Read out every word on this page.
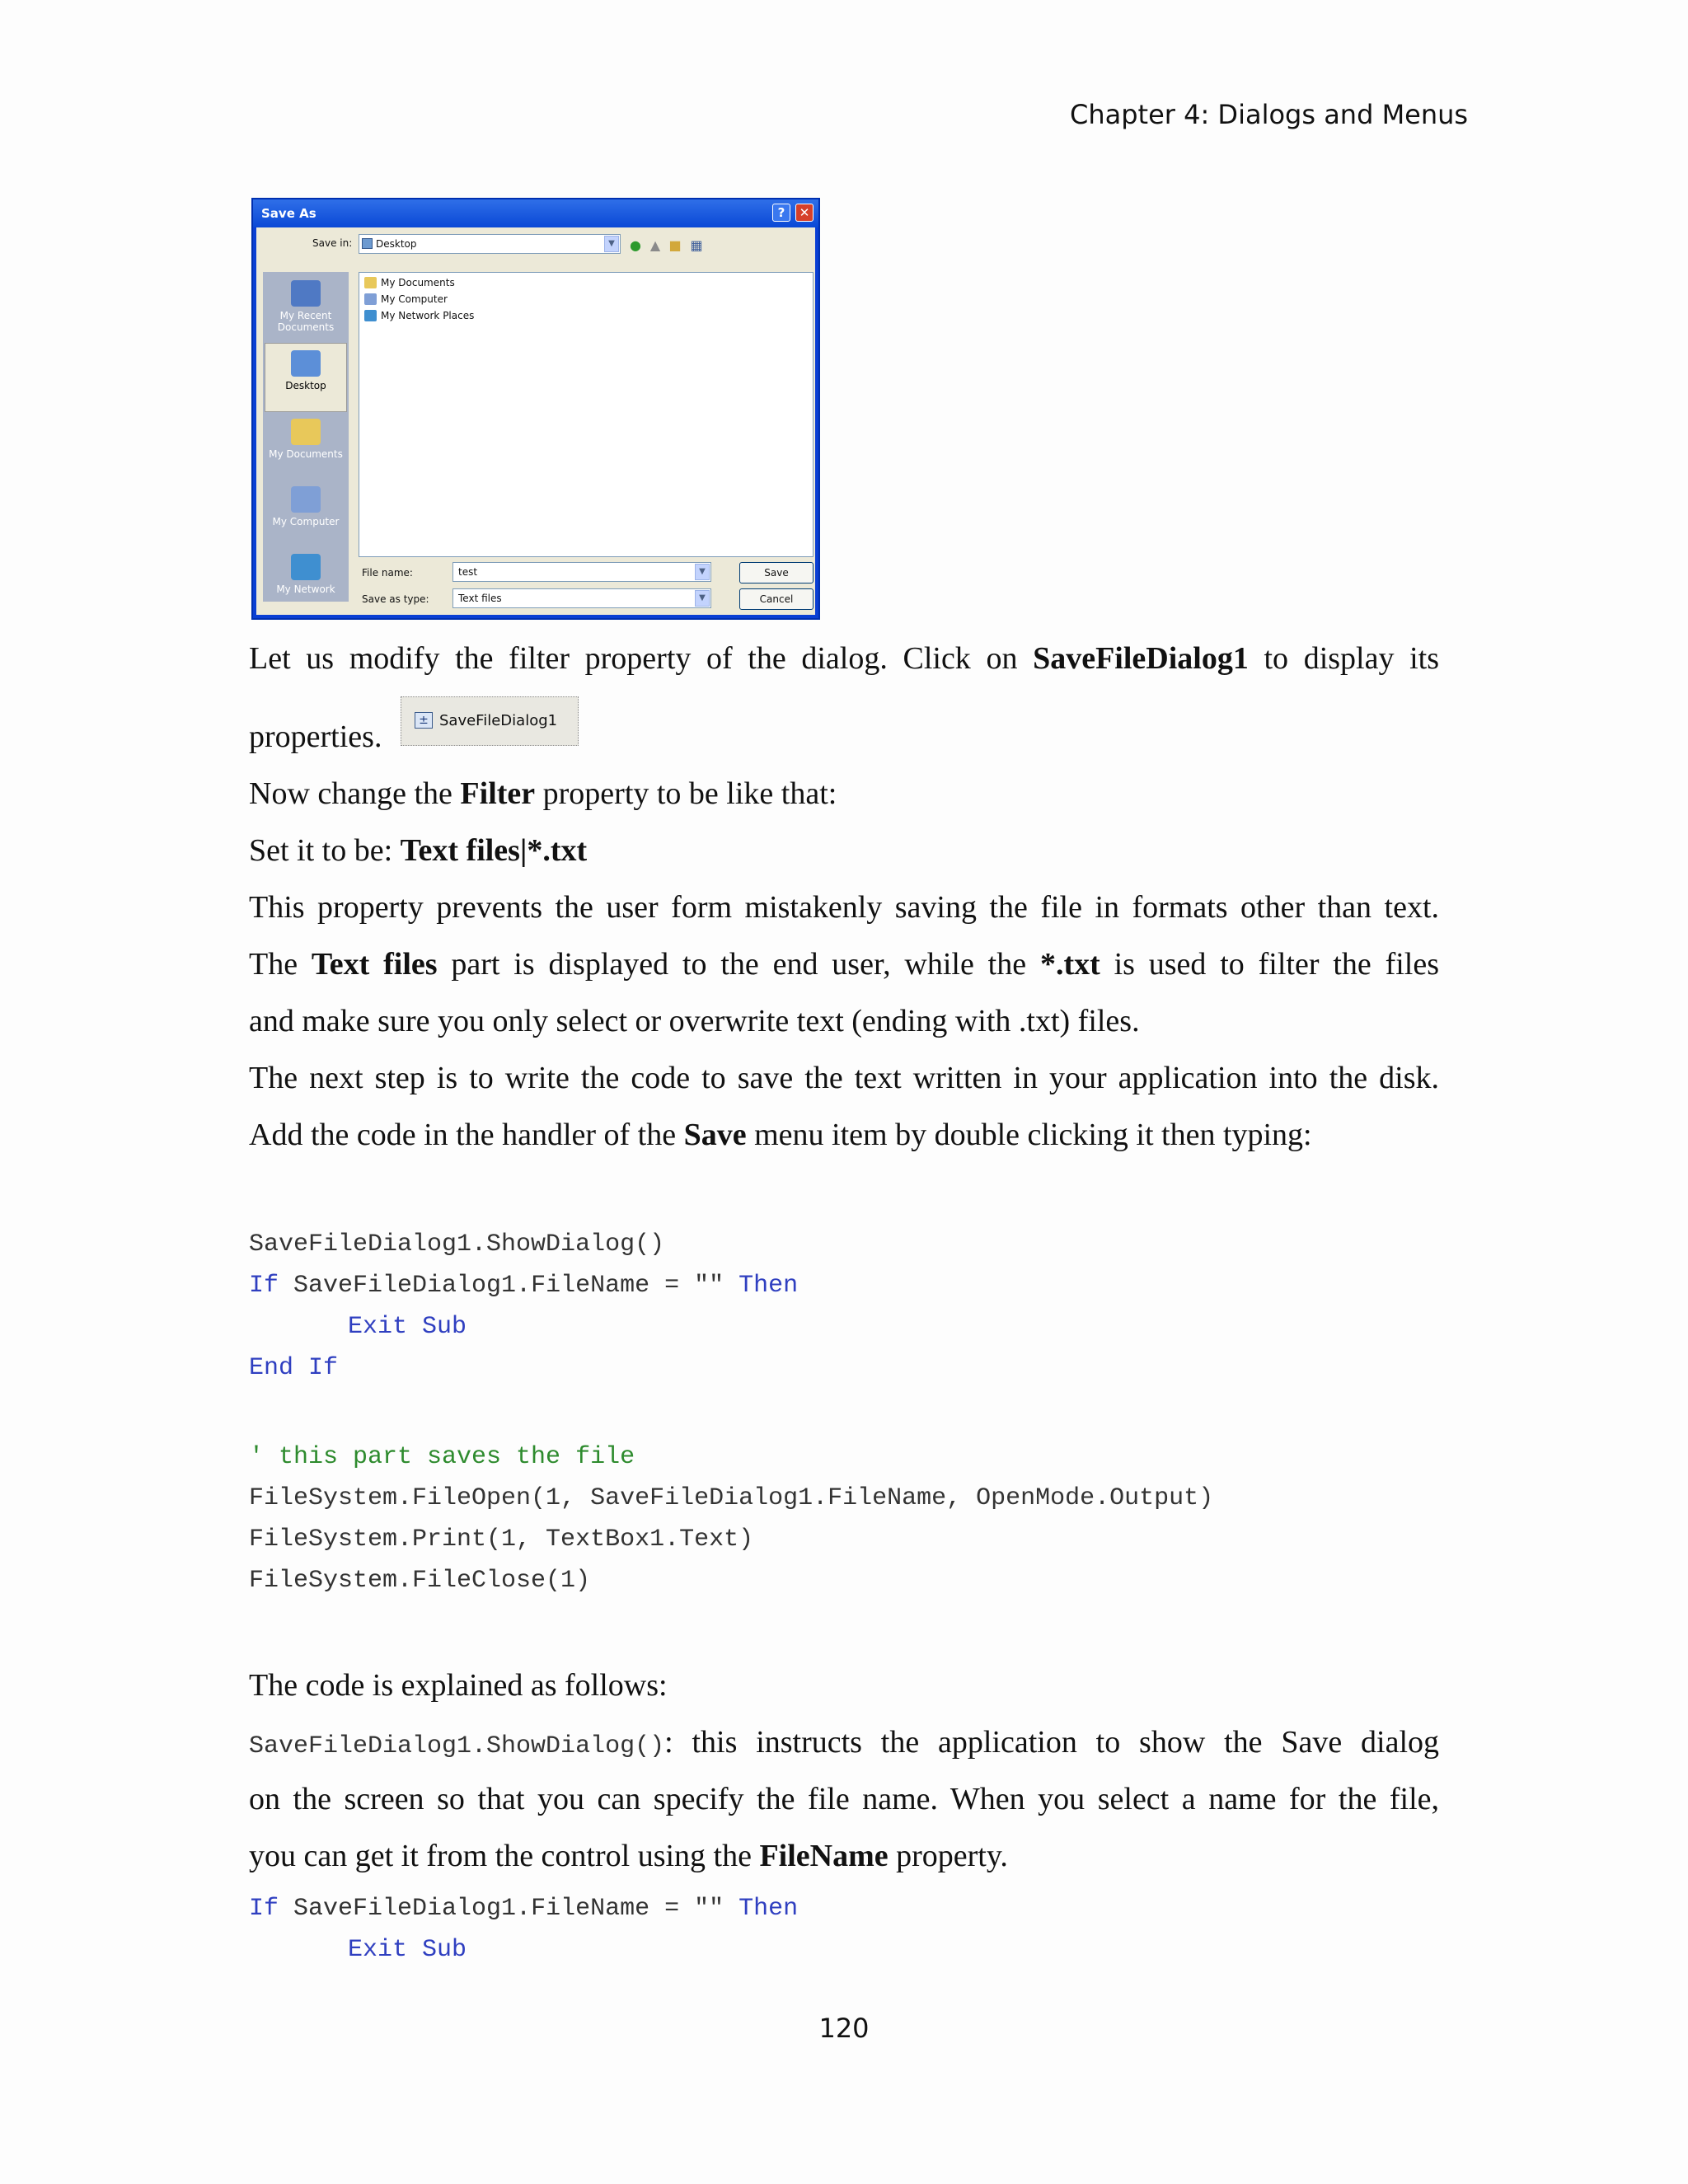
Chapter 4: Dialogs and Menus
Save As	?	✕
Save in:	Desktop	▼	● ▲ ■ ▦
My Recent Documents
Desktop
My Documents
My Computer
My Network
My Documents
My Computer
My Network Places
File name:	test	▼
Save as type:	Text files	▼
Save
Cancel
Let us modify the filter property of the dialog. Click on SaveFileDialog1 to display its
properties.	± SaveFileDialog1
Now change the Filter property to be like that:
Set it to be: Text files|*.txt
This property prevents the user form mistakenly saving the file in formats other than text.
The Text files part is displayed to the end user, while the *.txt is used to filter the files
and make sure you only select or overwrite text (ending with .txt) files.
The next step is to write the code to save the text written in your application into the disk.
Add the code in the handler of the Save menu item by double clicking it then typing:
SaveFileDialog1.ShowDialog()
If SaveFileDialog1.FileName = "" Then
Exit Sub
End If
' this part saves the file
FileSystem.FileOpen(1, SaveFileDialog1.FileName, OpenMode.Output)
FileSystem.Print(1, TextBox1.Text)
FileSystem.FileClose(1)
The code is explained as follows:
SaveFileDialog1.ShowDialog(): this instructs the application to show the Save dialog
on the screen so that you can specify the file name. When you select a name for the file,
you can get it from the control using the FileName property.
If SaveFileDialog1.FileName = "" Then
Exit Sub
120
